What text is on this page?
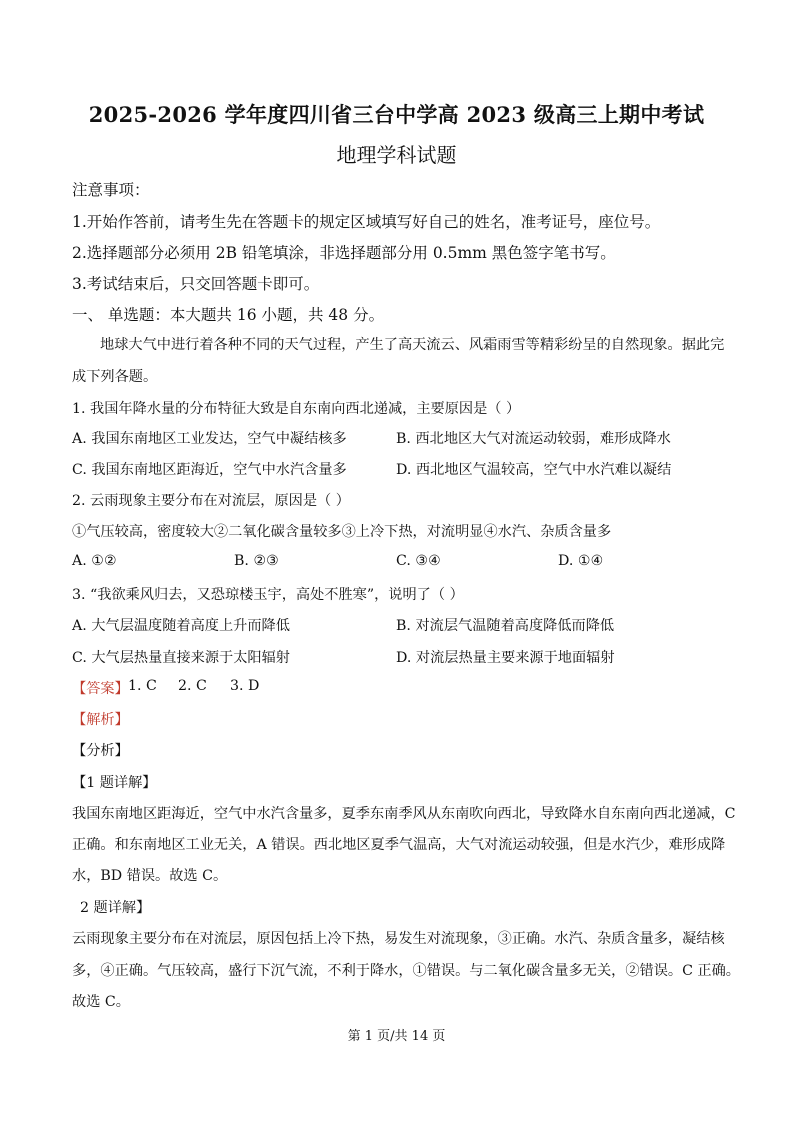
2025-2026 学年度四川省三台中学高 2023 级高三上期中考试
地理学科试题
注意事项：
1.开始作答前，请考生先在答题卡的规定区域填写好自己的姓名，准考证号，座位号。
2.选择题部分必须用 2B 铅笔填涂，非选择题部分用 0.5mm 黑色签字笔书写。
3.考试结束后，只交回答题卡即可。
一、 单选题：本大题共 16 小题，共 48 分。
地球大气中进行着各种不同的天气过程，产生了高天流云、风霜雨雪等精彩纷呈的自然现象。据此完
成下列各题。
1. 我国年降水量的分布特征大致是自东南向西北递减，主要原因是（ ）
A. 我国东南地区工业发达，空气中凝结核多	B. 西北地区大气对流运动较弱，难形成降水
C. 我国东南地区距海近，空气中水汽含量多	D. 西北地区气温较高，空气中水汽难以凝结
2. 云雨现象主要分布在对流层，原因是（ ）
①气压较高，密度较大②二氧化碳含量较多③上冷下热，对流明显④水汽、杂质含量多
A. ①②	B. ②③	C. ③④	D. ①④
3. “我欲乘风归去，又恐琼楼玉宇，高处不胜寒”，说明了（ ）
A. 大气层温度随着高度上升而降低	B. 对流层气温随着高度降低而降低
C. 大气层热量直接来源于太阳辐射	D. 对流层热量主要来源于地面辐射
【答案】 1. C 2. C 3. D
【解析】
【分析】
【1 题详解】
我国东南地区距海近，空气中水汽含量多，夏季东南季风从东南吹向西北，导致降水自东南向西北递减，C
正确。和东南地区工业无关，A 错误。西北地区夏季气温高，大气对流运动较强，但是水汽少，难形成降
水，BD 错误。故选 C。
2 题详解】
云雨现象主要分布在对流层，原因包括上冷下热，易发生对流现象，③正确。水汽、杂质含量多，凝结核
多，④正确。气压较高，盛行下沉气流，不利于降水，①错误。与二氧化碳含量多无关，②错误。C 正确。
故选 C。
第 1 页/共 14 页
